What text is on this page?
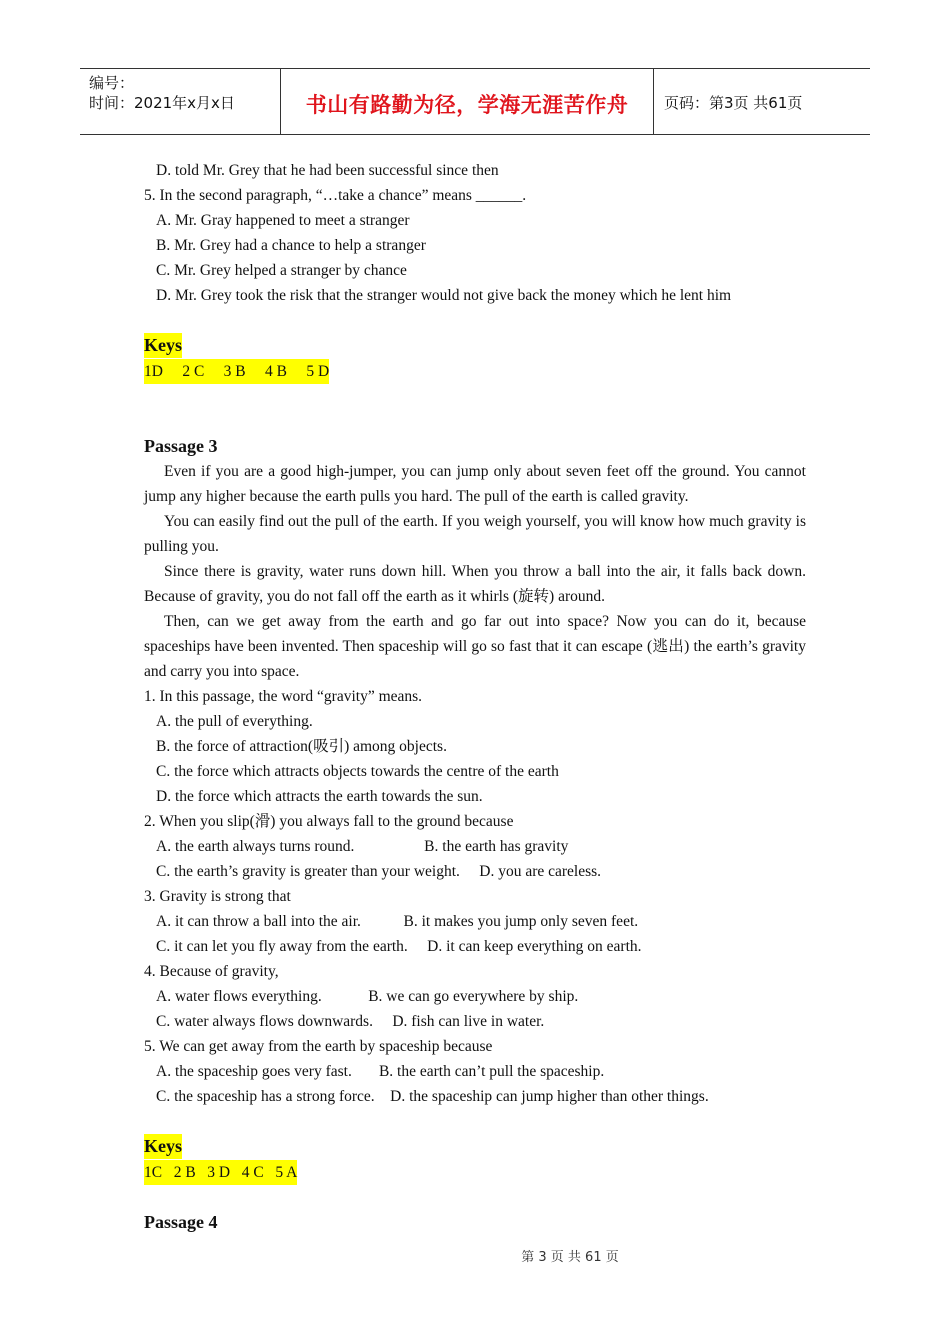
编号：
时间：2021年x月x日	书山有路勤为径，学海无涯苦作舟	页码：第3页 共61页
D. told Mr. Grey that he had been successful since then
5. In the second paragraph, “…take a chance” means ______.
A. Mr. Gray happened to meet a stranger
B. Mr. Grey had a chance to help a stranger
C. Mr. Grey helped a stranger by chance
D. Mr. Grey took the risk that the stranger would not give back the money which he lent him
Keys
1D     2 C     3 B     4 B     5 D
Passage 3
Even if you are a good high-jumper, you can jump only about seven feet off the ground. You cannot jump any higher because the earth pulls you hard. The pull of the earth is called gravity.
You can easily find out the pull of the earth. If you weigh yourself, you will know how much gravity is pulling you.
Since there is gravity, water runs down hill. When you throw a ball into the air, it falls back down. Because of gravity, you do not fall off the earth as it whirls (旋转) around.
Then, can we get away from the earth and go far out into space? Now you can do it, because spaceships have been invented. Then spaceship will go so fast that it can escape (逃出) the earth’s gravity and carry you into space.
1. In this passage, the word “gravity” means.
A. the pull of everything.
B. the force of attraction(吸引) among objects.
C. the force which attracts objects towards the centre of the earth
D. the force which attracts the earth towards the sun.
2. When you slip(滑) you always fall to the ground because
A. the earth always turns round.                  B. the earth has gravity
C. the earth’s gravity is greater than your weight.     D. you are careless.
3. Gravity is strong that
A. it can throw a ball into the air.           B. it makes you jump only seven feet.
C. it can let you fly away from the earth.     D. it can keep everything on earth.
4. Because of gravity,
A. water flows everything.            B. we can go everywhere by ship.
C. water always flows downwards.     D. fish can live in water.
5. We can get away from the earth by spaceship because
A. the spaceship goes very fast.       B. the earth can’t pull the spaceship.
C. the spaceship has a strong force.    D. the spaceship can jump higher than other things.
Keys
1C   2 B   3 D   4 C   5 A
Passage 4
第 3 页 共 61 页
